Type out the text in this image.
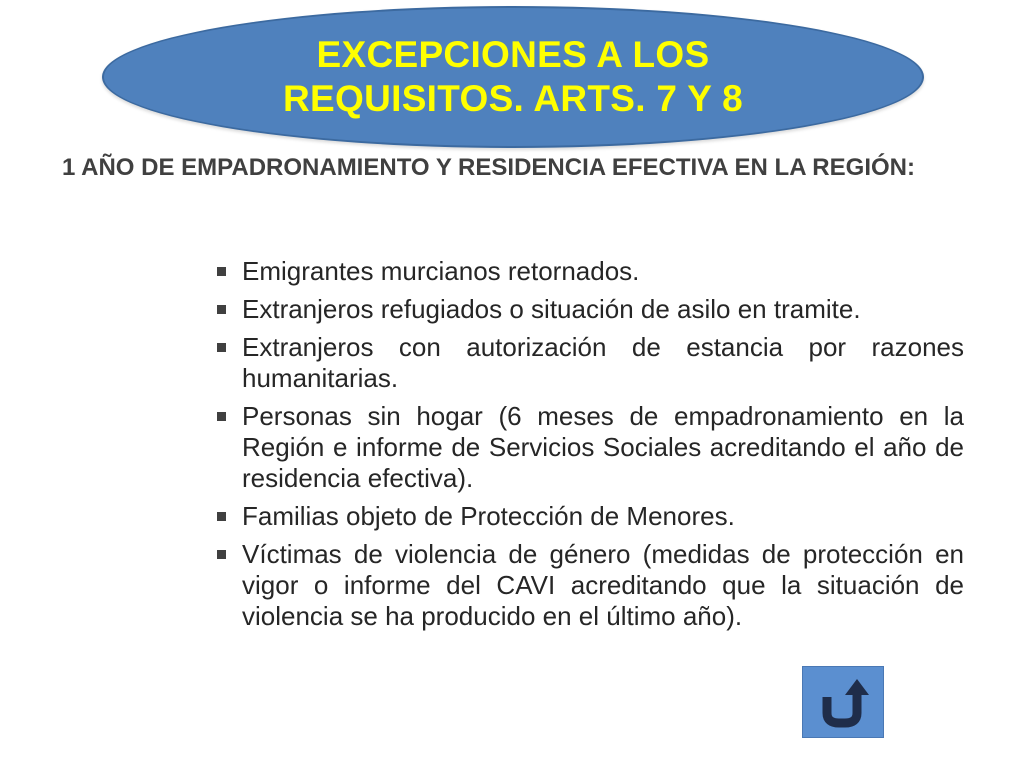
EXCEPCIONES A LOS
REQUISITOS. ARTS. 7 Y 8

1 AÑO DE EMPADRONAMIENTO Y RESIDENCIA EFECTIVA EN LA REGIÓN:

Emigrantes murcianos retornados.
Extranjeros refugiados o situación de asilo en tramite.
Extranjeros con autorización de estancia por razones humanitarias.
Personas sin hogar (6 meses de empadronamiento en la Región e informe de Servicios Sociales acreditando el año de residencia efectiva).
Familias objeto de Protección de Menores.
Víctimas de violencia de género (medidas de protección en vigor o informe del CAVI acreditando que la situación de violencia se ha producido en el último año).
